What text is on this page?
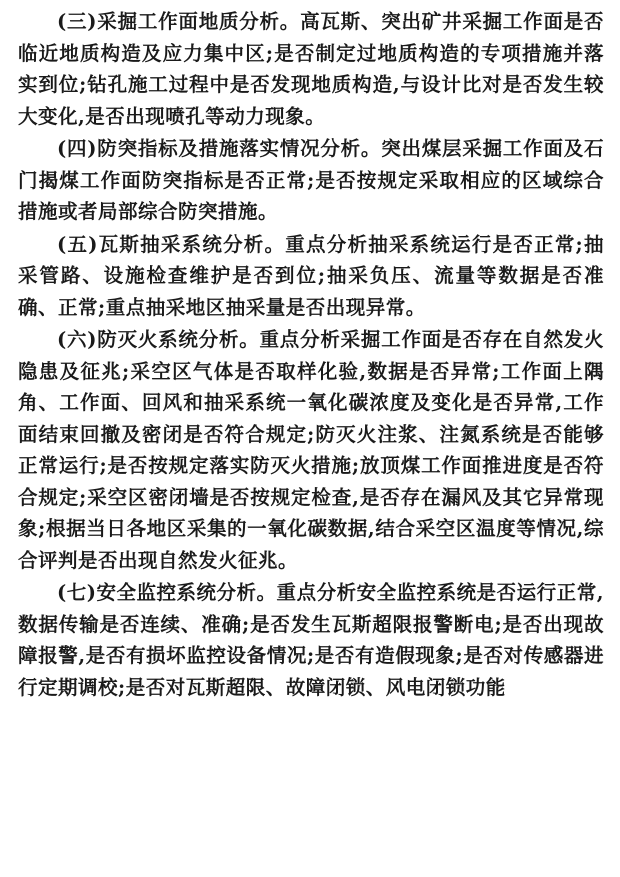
(三)采掘工作面地质分析。高瓦斯、突出矿井采掘工作面是否临近地质构造及应力集中区;是否制定过地质构造的专项措施并落实到位;钻孔施工过程中是否发现地质构造,与设计比对是否发生较大变化,是否出现喷孔等动力现象。

(四)防突指标及措施落实情况分析。突出煤层采掘工作面及石门揭煤工作面防突指标是否正常;是否按规定采取相应的区域综合措施或者局部综合防突措施。

(五)瓦斯抽采系统分析。重点分析抽采系统运行是否正常;抽采管路、设施检查维护是否到位;抽采负压、流量等数据是否准确、正常;重点抽采地区抽采量是否出现异常。

(六)防灭火系统分析。重点分析采掘工作面是否存在自然发火隐患及征兆;采空区气体是否取样化验,数据是否异常;工作面上隅角、工作面、回风和抽采系统一氧化碳浓度及变化是否异常,工作面结束回撤及密闭是否符合规定;防灭火注浆、注氮系统是否能够正常运行;是否按规定落实防灭火措施;放顶煤工作面推进度是否符合规定;采空区密闭墙是否按规定检查,是否存在漏风及其它异常现象;根据当日各地区采集的一氧化碳数据,结合采空区温度等情况,综合评判是否出现自然发火征兆。

(七)安全监控系统分析。重点分析安全监控系统是否运行正常,数据传输是否连续、准确;是否发生瓦斯超限报警断电;是否出现故障报警,是否有损坏监控设备情况;是否有造假现象;是否对传感器进行定期调校;是否对瓦斯超限、故障闭锁、风电闭锁功能
